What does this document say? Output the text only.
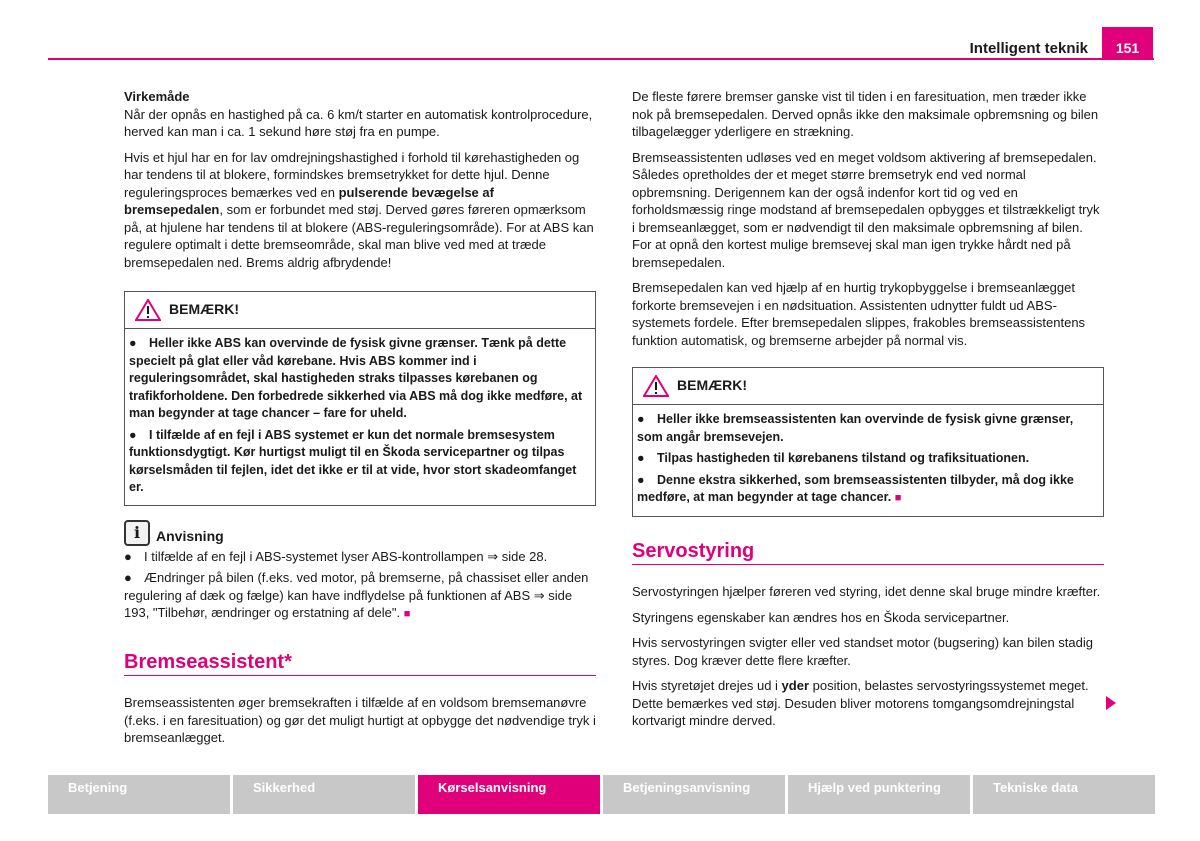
Intelligent teknik	151

Virkemåde

Når der opnås en hastighed på ca. 6 km/t starter en automatisk kontrolprocedure, herved kan man i ca. 1 sekund høre støj fra en pumpe.

Hvis et hjul har en for lav omdrejningshastighed i forhold til kørehastigheden og har tendens til at blokere, formindskes bremsetrykket for dette hjul. Denne reguleringsproces bemærkes ved en pulserende bevægelse af bremsepedalen, som er forbundet med støj. Derved gøres føreren opmærksom på, at hjulene har tendens til at blokere (ABS-reguleringsområde). For at ABS kan regulere optimalt i dette bremseområde, skal man blive ved med at træde bremsepedalen ned. Brems aldrig afbrydende!

BEMÆRK!
● Heller ikke ABS kan overvinde de fysisk givne grænser. Tænk på dette specielt på glat eller våd kørebane. Hvis ABS kommer ind i reguleringsområdet, skal hastigheden straks tilpasses kørebanen og trafikforholdene. Den forbedrede sikkerhed via ABS må dog ikke medføre, at man begynder at tage chancer – fare for uheld.
● I tilfælde af en fejl i ABS systemet er kun det normale bremsesystem funktionsdygtigt. Kør hurtigst muligt til en Škoda servicepartner og tilpas kørselsmåden til fejlen, idet det ikke er til at vide, hvor stort skadeomfanget er.
i	Anvisning

● I tilfælde af en fejl i ABS-systemet lyser ABS-kontrollampen ⇒ side 28.

● Ændringer på bilen (f.eks. ved motor, på bremserne, på chassiset eller anden regulering af dæk og fælge) kan have indflydelse på funktionen af ABS ⇒ side 193, "Tilbehør, ændringer og erstatning af dele". ■

Bremseassistent*

Bremseassistenten øger bremsekraften i tilfælde af en voldsom bremsemanøvre (f.eks. i en faresituation) og gør det muligt hurtigt at opbygge det nødvendige tryk i bremseanlægget.

De fleste førere bremser ganske vist til tiden i en faresituation, men træder ikke nok på bremsepedalen. Derved opnås ikke den maksimale opbremsning og bilen tilbagelægger yderligere en strækning.

Bremseassistenten udløses ved en meget voldsom aktivering af bremsepedalen. Således opretholdes der et meget større bremsetryk end ved normal opbremsning. Derigennem kan der også indenfor kort tid og ved en forholdsmæssig ringe modstand af bremsepedalen opbygges et tilstrækkeligt tryk i bremseanlægget, som er nødvendigt til den maksimale opbremsning af bilen. For at opnå den kortest mulige bremsevej skal man igen trykke hårdt ned på bremsepedalen.

Bremsepedalen kan ved hjælp af en hurtig trykopbyggelse i bremseanlægget forkorte bremsevejen i en nødsituation. Assistenten udnytter fuldt ud ABS-systemets fordele. Efter bremsepedalen slippes, frakobles bremseassistentens funktion automatisk, og bremserne arbejder på normal vis.

BEMÆRK!
● Heller ikke bremseassistenten kan overvinde de fysisk givne grænser, som angår bremsevejen.
● Tilpas hastigheden til kørebanens tilstand og trafiksituationen.
● Denne ekstra sikkerhed, som bremseassistenten tilbyder, må dog ikke medføre, at man begynder at tage chancer. ■
Servostyring

Servostyringen hjælper føreren ved styring, idet denne skal bruge mindre kræfter.

Styringens egenskaber kan ændres hos en Škoda servicepartner.

Hvis servostyringen svigter eller ved standset motor (bugsering) kan bilen stadig styres. Dog kræver dette flere kræfter.

Hvis styretøjet drejes ud i yder position, belastes servostyringssystemet meget. Dette bemærkes ved støj. Desuden bliver motorens tomgangsomdrejningstal kortvarigt mindre derved.

Betjening	Sikkerhed	Kørselsanvisning	Betjeningsanvisning	Hjælp ved punktering	Tekniske data
